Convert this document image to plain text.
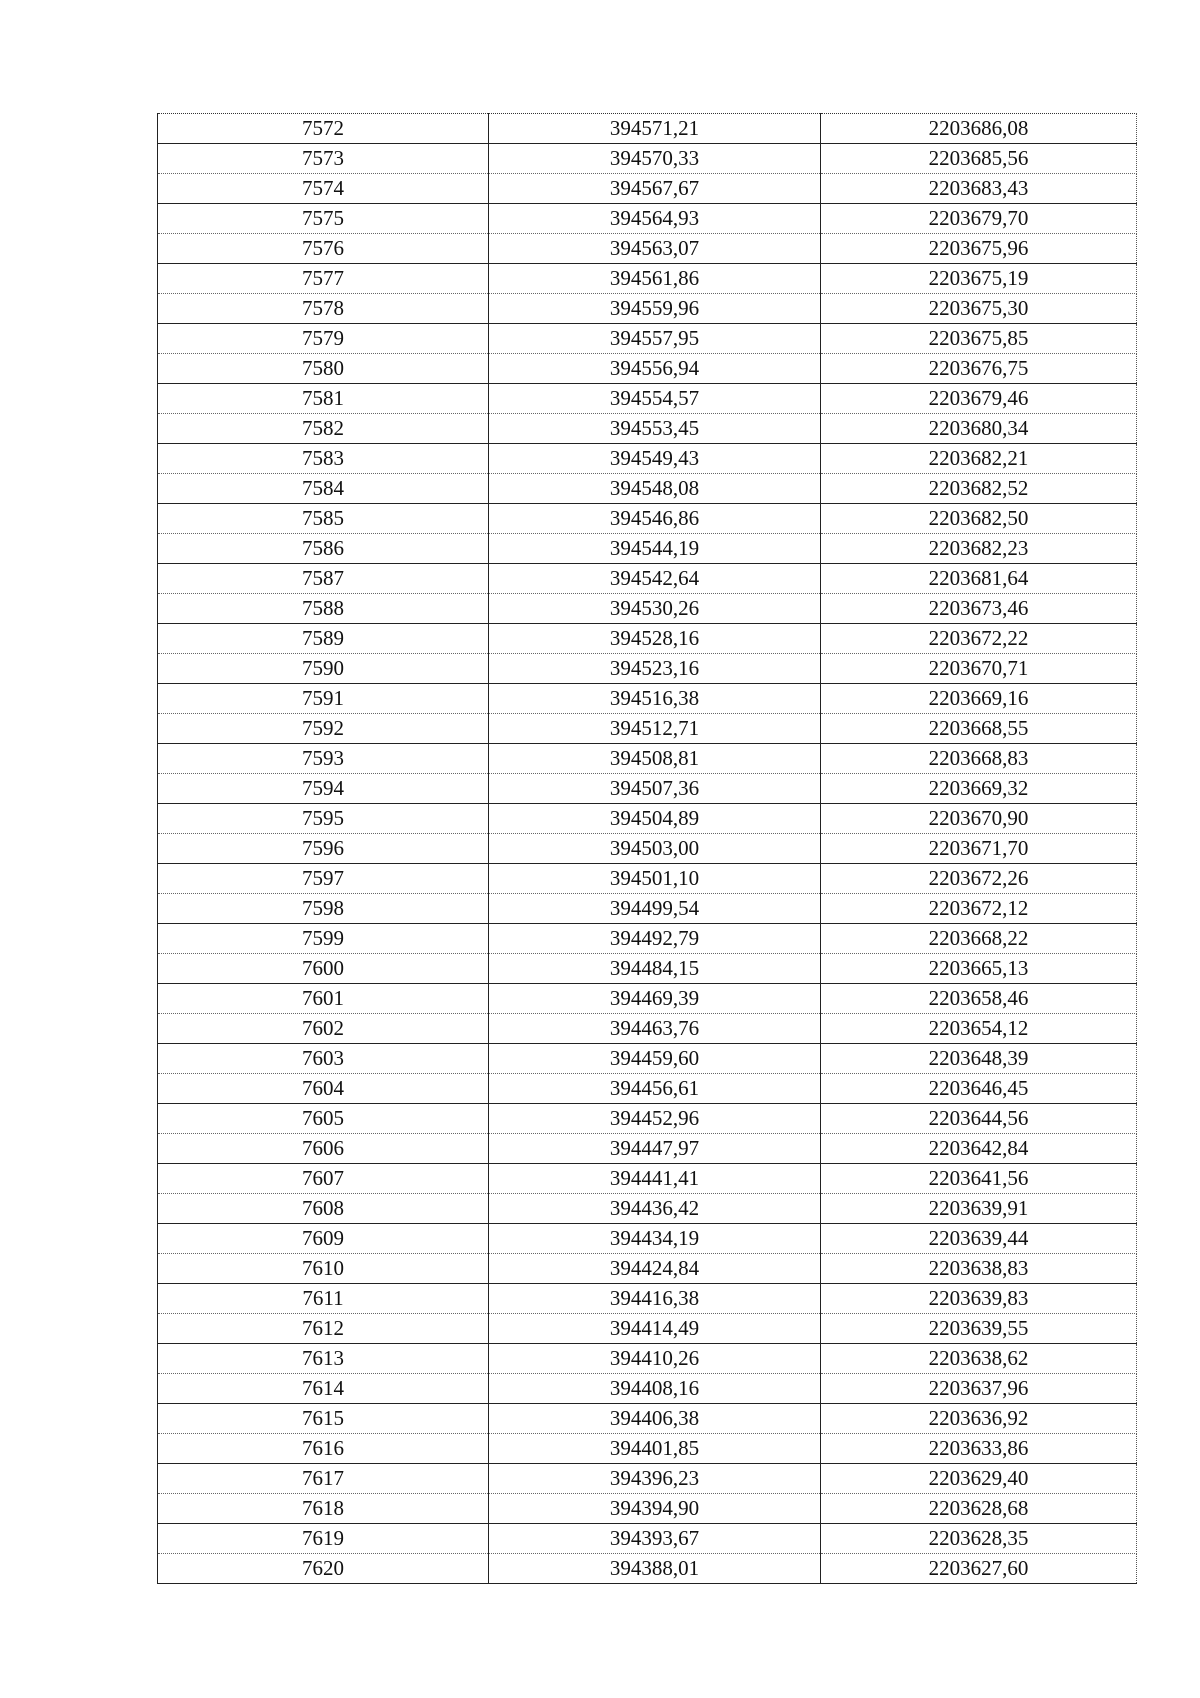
7572	394571,21	2203686,08
7573	394570,33	2203685,56
7574	394567,67	2203683,43
7575	394564,93	2203679,70
7576	394563,07	2203675,96
7577	394561,86	2203675,19
7578	394559,96	2203675,30
7579	394557,95	2203675,85
7580	394556,94	2203676,75
7581	394554,57	2203679,46
7582	394553,45	2203680,34
7583	394549,43	2203682,21
7584	394548,08	2203682,52
7585	394546,86	2203682,50
7586	394544,19	2203682,23
7587	394542,64	2203681,64
7588	394530,26	2203673,46
7589	394528,16	2203672,22
7590	394523,16	2203670,71
7591	394516,38	2203669,16
7592	394512,71	2203668,55
7593	394508,81	2203668,83
7594	394507,36	2203669,32
7595	394504,89	2203670,90
7596	394503,00	2203671,70
7597	394501,10	2203672,26
7598	394499,54	2203672,12
7599	394492,79	2203668,22
7600	394484,15	2203665,13
7601	394469,39	2203658,46
7602	394463,76	2203654,12
7603	394459,60	2203648,39
7604	394456,61	2203646,45
7605	394452,96	2203644,56
7606	394447,97	2203642,84
7607	394441,41	2203641,56
7608	394436,42	2203639,91
7609	394434,19	2203639,44
7610	394424,84	2203638,83
7611	394416,38	2203639,83
7612	394414,49	2203639,55
7613	394410,26	2203638,62
7614	394408,16	2203637,96
7615	394406,38	2203636,92
7616	394401,85	2203633,86
7617	394396,23	2203629,40
7618	394394,90	2203628,68
7619	394393,67	2203628,35
7620	394388,01	2203627,60
